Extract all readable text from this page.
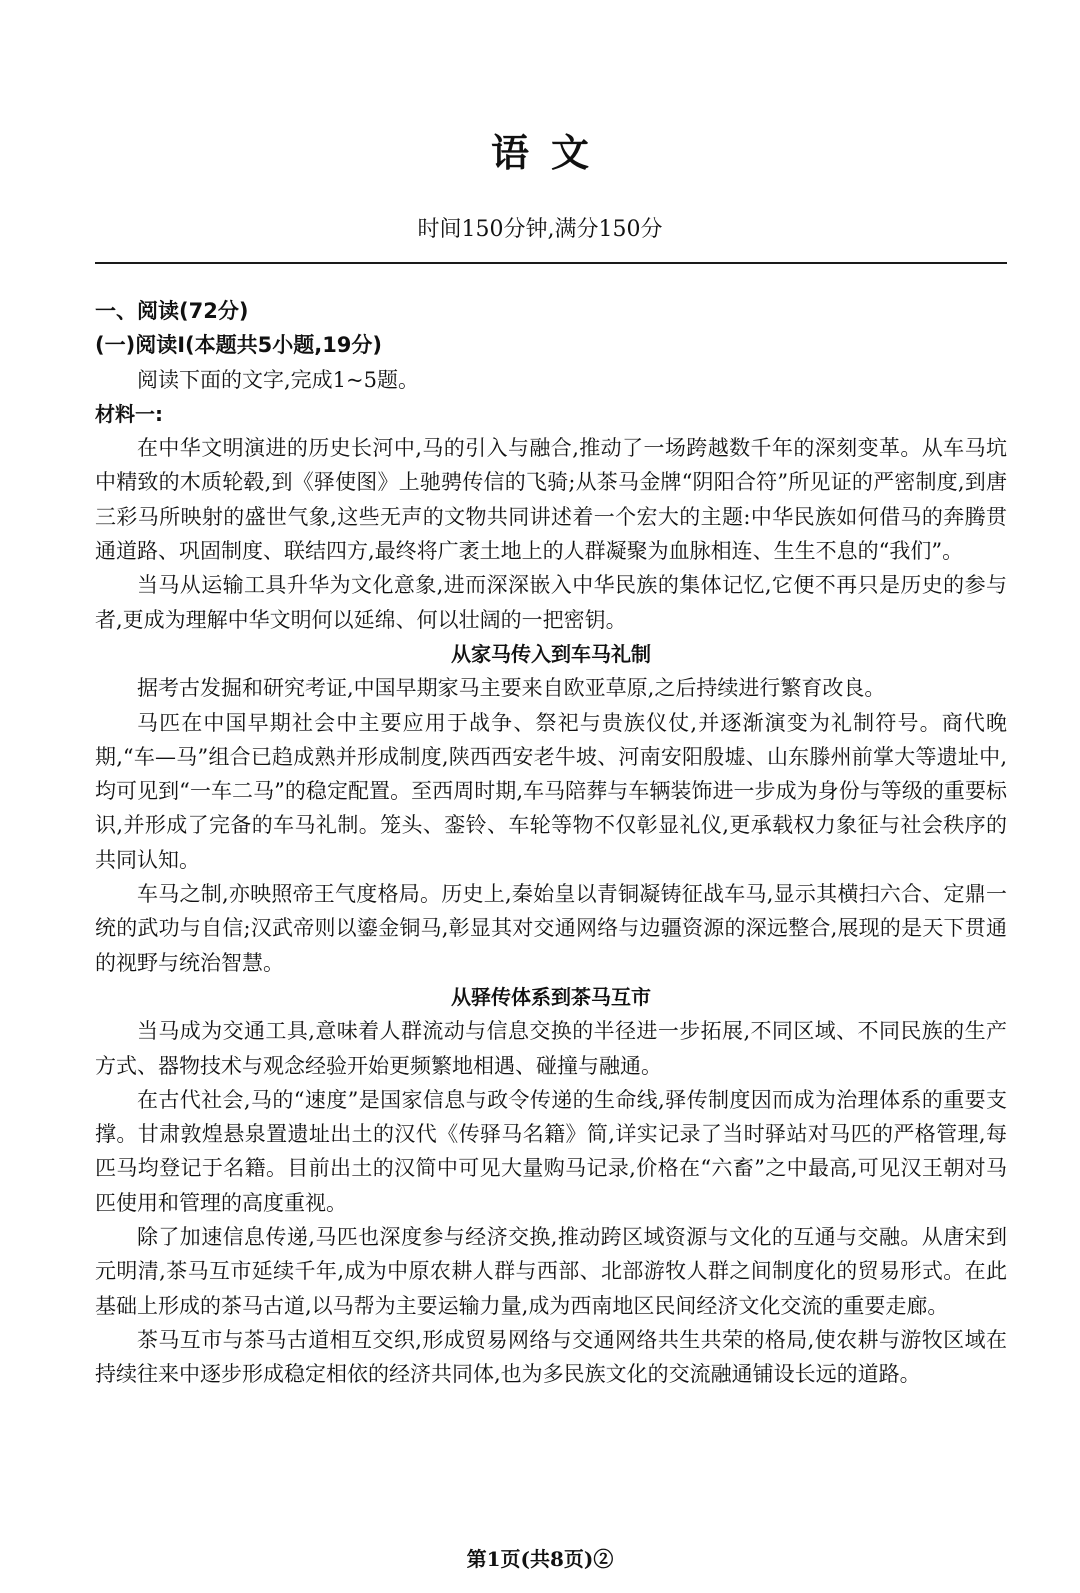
语文
时间150分钟,满分150分

一、阅读(72分)

(一)阅读Ⅰ(本题共5小题,19分)

阅读下面的文字,完成1~5题。

材料一:

在中华文明演进的历史长河中,马的引入与融合,推动了一场跨越数千年的深刻变革。从车马坑中精致的木质轮毂,到《驿使图》上驰骋传信的飞骑;从茶马金牌“阴阳合符”所见证的严密制度,到唐三彩马所映射的盛世气象,这些无声的文物共同讲述着一个宏大的主题:中华民族如何借马的奔腾贯通道路、巩固制度、联结四方,最终将广袤土地上的人群凝聚为血脉相连、生生不息的“我们”。

当马从运输工具升华为文化意象,进而深深嵌入中华民族的集体记忆,它便不再只是历史的参与者,更成为理解中华文明何以延绵、何以壮阔的一把密钥。

从家马传入到车马礼制

据考古发掘和研究考证,中国早期家马主要来自欧亚草原,之后持续进行繁育改良。

马匹在中国早期社会中主要应用于战争、祭祀与贵族仪仗,并逐渐演变为礼制符号。商代晚期,“车—马”组合已趋成熟并形成制度,陕西西安老牛坡、河南安阳殷墟、山东滕州前掌大等遗址中,均可见到“一车二马”的稳定配置。至西周时期,车马陪葬与车辆装饰进一步成为身份与等级的重要标识,并形成了完备的车马礼制。笼头、銮铃、车轮等物不仅彰显礼仪,更承载权力象征与社会秩序的共同认知。

车马之制,亦映照帝王气度格局。历史上,秦始皇以青铜凝铸征战车马,显示其横扫六合、定鼎一统的武功与自信;汉武帝则以鎏金铜马,彰显其对交通网络与边疆资源的深远整合,展现的是天下贯通的视野与统治智慧。

从驿传体系到茶马互市

当马成为交通工具,意味着人群流动与信息交换的半径进一步拓展,不同区域、不同民族的生产方式、器物技术与观念经验开始更频繁地相遇、碰撞与融通。

在古代社会,马的“速度”是国家信息与政令传递的生命线,驿传制度因而成为治理体系的重要支撑。甘肃敦煌悬泉置遗址出土的汉代《传驿马名籍》简,详实记录了当时驿站对马匹的严格管理,每匹马均登记于名籍。目前出土的汉简中可见大量购马记录,价格在“六畜”之中最高,可见汉王朝对马匹使用和管理的高度重视。

除了加速信息传递,马匹也深度参与经济交换,推动跨区域资源与文化的互通与交融。从唐宋到元明清,茶马互市延续千年,成为中原农耕人群与西部、北部游牧人群之间制度化的贸易形式。在此基础上形成的茶马古道,以马帮为主要运输力量,成为西南地区民间经济文化交流的重要走廊。

茶马互市与茶马古道相互交织,形成贸易网络与交通网络共生共荣的格局,使农耕与游牧区域在持续往来中逐步形成稳定相依的经济共同体,也为多民族文化的交流融通铺设长远的道路。

第1页(共8页)②
